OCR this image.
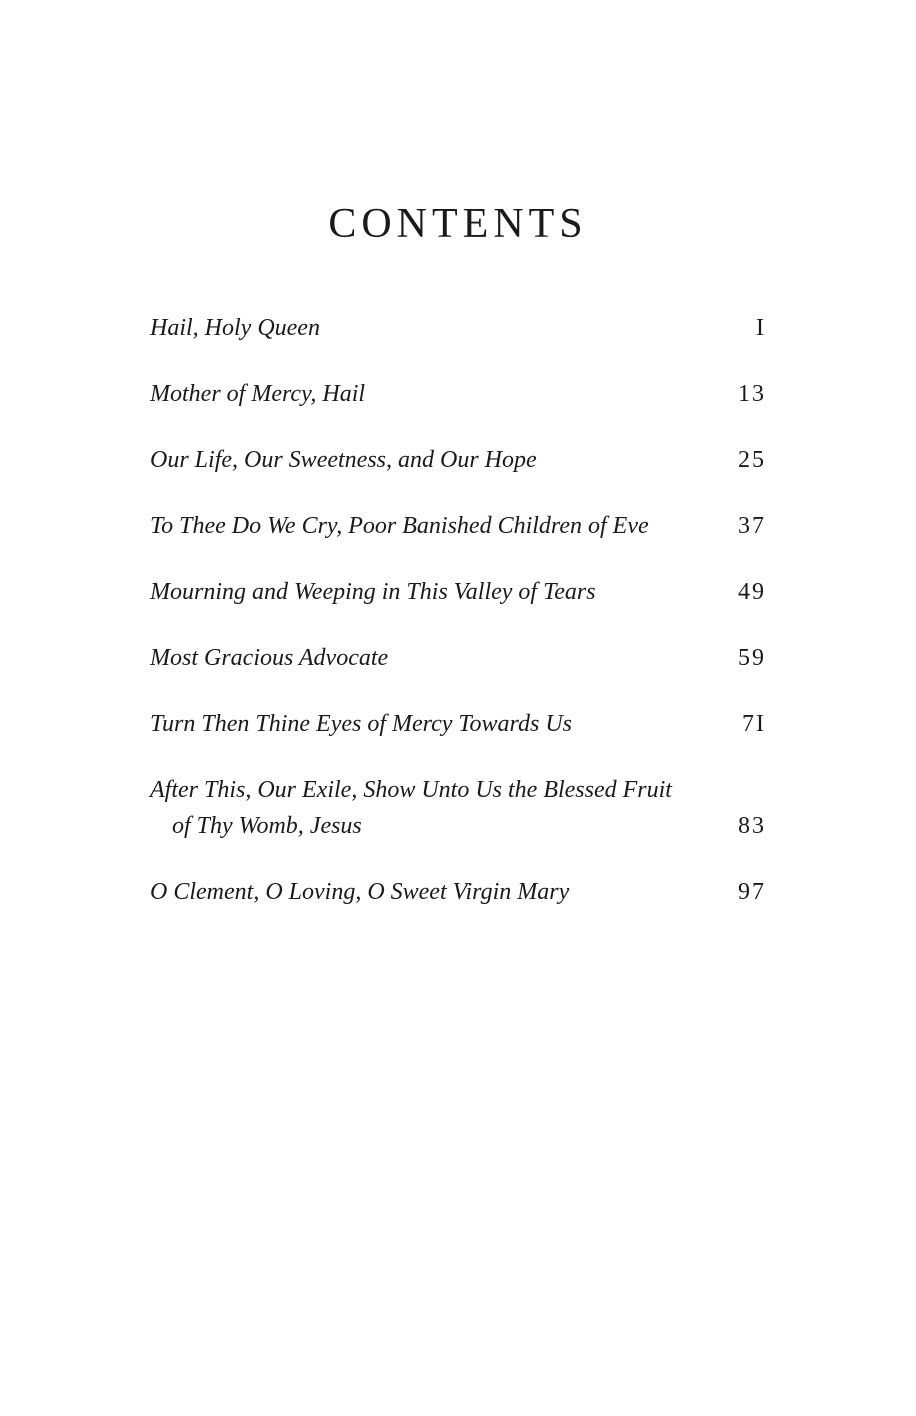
CONTENTS
Hail, Holy Queen	I
Mother of Mercy, Hail	13
Our Life, Our Sweetness, and Our Hope	25
To Thee Do We Cry, Poor Banished Children of Eve	37
Mourning and Weeping in This Valley of Tears	49
Most Gracious Advocate	59
Turn Then Thine Eyes of Mercy Towards Us	7I
After This, Our Exile, Show Unto Us the Blessed Fruit
of Thy Womb, Jesus	83
O Clement, O Loving, O Sweet Virgin Mary	97
